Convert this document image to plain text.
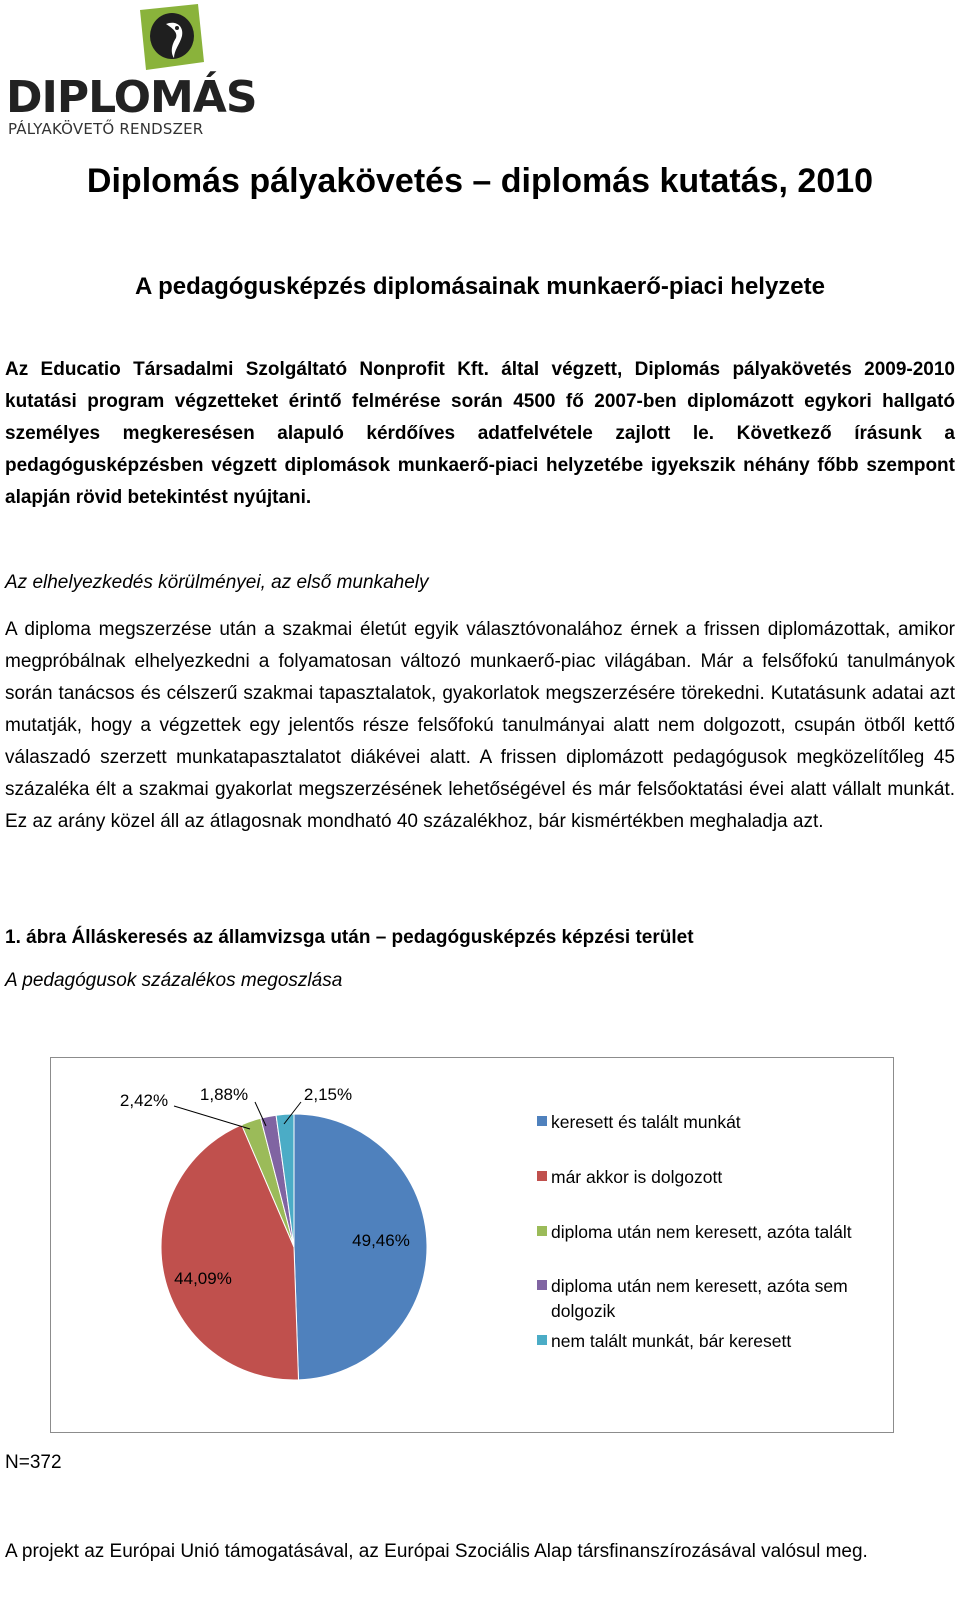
DIPLOMÁS
PÁLYAKÖVETŐ RENDSZER
Diplomás pályakövetés – diplomás kutatás, 2010
A pedagógusképzés diplomásainak munkaerő-piaci helyzete

Az Educatio Társadalmi Szolgáltató Nonprofit Kft. által végzett, Diplomás pályakövetés 2009-2010 kutatási program végzetteket érintő felmérése során 4500 fő 2007-ben diplomázott egykori hallgató személyes megkeresésen alapuló kérdőíves adatfelvétele zajlott le. Következő írásunk a pedagógusképzésben végzett diplomások munkaerő-piaci helyzetébe igyekszik néhány főbb szempont alapján rövid betekintést nyújtani.

Az elhelyezkedés körülményei, az első munkahely

A diploma megszerzése után a szakmai életút egyik választóvonalához érnek a frissen diplomázottak, amikor megpróbálnak elhelyezkedni a folyamatosan változó munkaerő-piac világában. Már a felsőfokú tanulmányok során tanácsos és célszerű szakmai tapasztalatok, gyakorlatok megszerzésére törekedni. Kutatásunk adatai azt mutatják, hogy a végzettek egy jelentős része felsőfokú tanulmányai alatt nem dolgozott, csupán ötből kettő válaszadó szerzett munkatapasztalatot diákévei alatt. A frissen diplomázott pedagógusok megközelítőleg 45 százaléka élt a szakmai gyakorlat megszerzésének lehetőségével és már felsőoktatási évei alatt vállalt munkát. Ez az arány közel áll az átlagosnak mondható 40 százalékhoz, bár kismértékben meghaladja azt.

1. ábra Álláskeresés az államvizsga után – pedagógusképzés képzési terület
A pedagógusok százalékos megoszlása
49,46%
44,09%
2,42% 1,88%	2,15%
keresett és talált munkát
már akkor is dolgozott
diploma után nem keresett, azóta talált
diploma után nem keresett, azóta sem dolgozik
nem talált munkát, bár keresett
N=372
A projekt az Európai Unió támogatásával, az Európai Szociális Alap társfinanszírozásával valósul meg.
